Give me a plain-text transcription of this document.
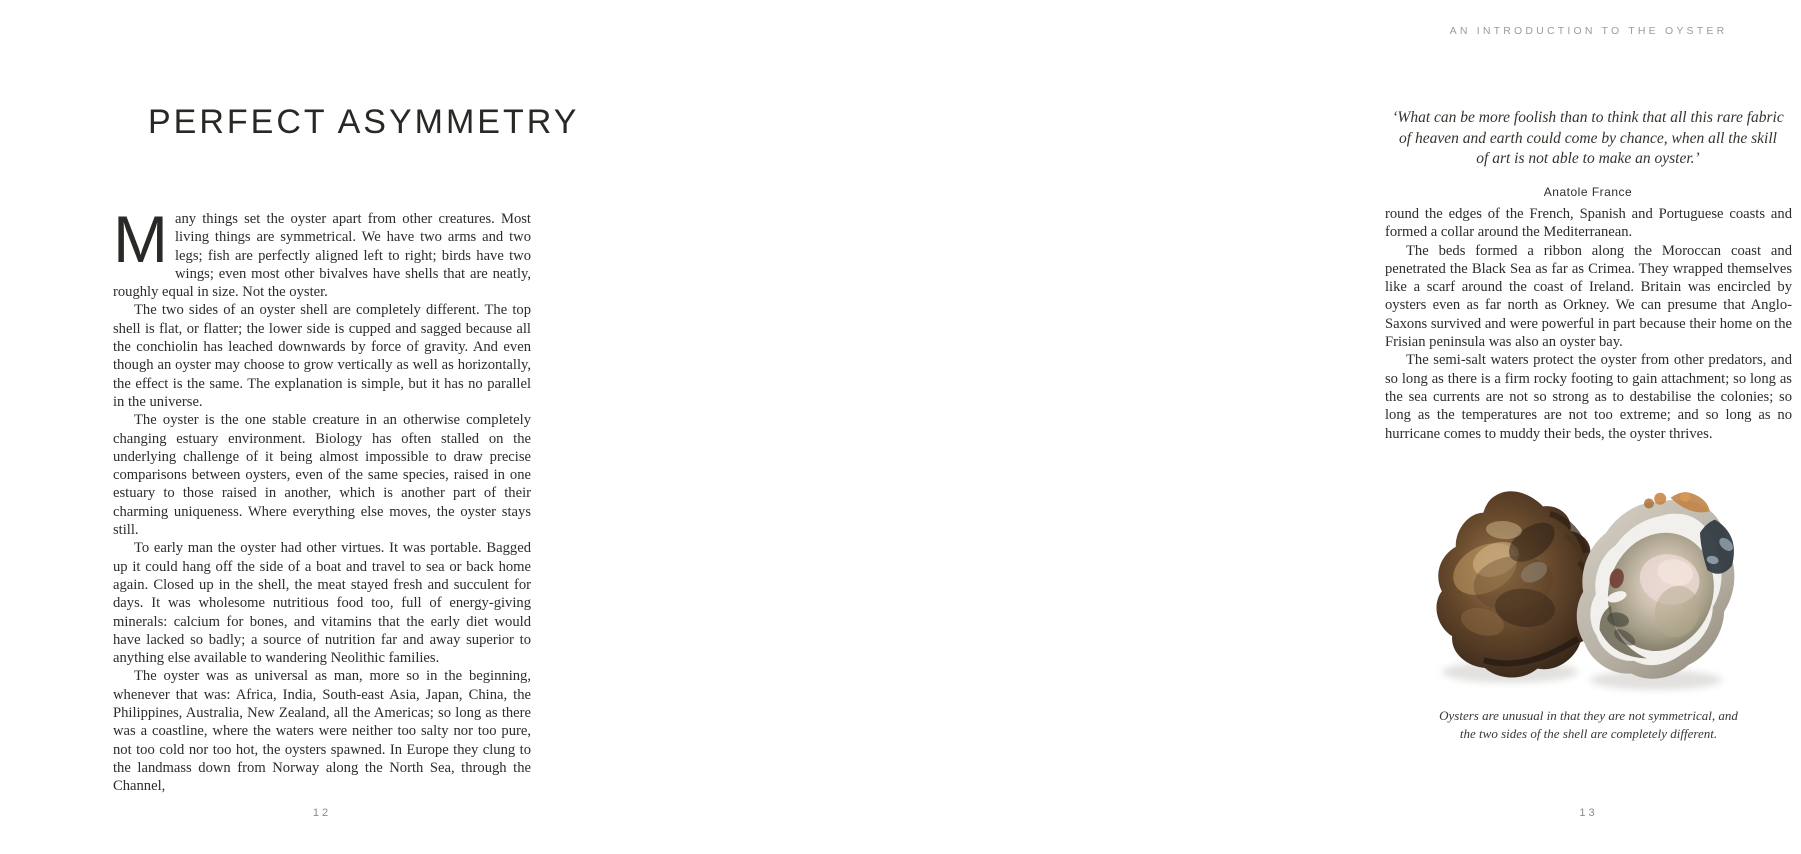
PERFECT ASYMMETRY

Many things set the oyster apart from other creatures. Most living things are symmetrical. We have two arms and two legs; fish are perfectly aligned left to right; birds have two wings; even most other bivalves have shells that are neatly, roughly equal in size. Not the oyster.

The two sides of an oyster shell are completely different. The top shell is flat, or flatter; the lower side is cupped and sagged because all the conchiolin has leached downwards by force of gravity. And even though an oyster may choose to grow vertically as well as horizontally, the effect is the same. The explanation is simple, but it has no parallel in the universe.

The oyster is the one stable creature in an otherwise completely changing estuary environment. Biology has often stalled on the underlying challenge of it being almost impossible to draw precise comparisons between oysters, even of the same species, raised in one estuary to those raised in another, which is another part of their charming uniqueness. Where everything else moves, the oyster stays still.

To early man the oyster had other virtues. It was portable. Bagged up it could hang off the side of a boat and travel to sea or back home again. Closed up in the shell, the meat stayed fresh and succulent for days. It was wholesome nutritious food too, full of energy-giving minerals: calcium for bones, and vitamins that the early diet would have lacked so badly; a source of nutrition far and away superior to anything else available to wandering Neolithic families.

The oyster was as universal as man, more so in the beginning, whenever that was: Africa, India, South-east Asia, Japan, China, the Philippines, Australia, New Zealand, all the Americas; so long as there was a coastline, where the waters were neither too salty nor too pure, not too cold nor too hot, the oysters spawned. In Europe they clung to the landmass down from Norway along the North Sea, through the Channel,

12
AN INTRODUCTION TO THE OYSTER
‘What can be more foolish than to think that all this rare fabric
of heaven and earth could come by chance, when all the skill
of art is not able to make an oyster.’
Anatole France

round the edges of the French, Spanish and Portuguese coasts and formed a collar around the Mediterranean.

The beds formed a ribbon along the Moroccan coast and penetrated the Black Sea as far as Crimea. They wrapped themselves like a scarf around the coast of Ireland. Britain was encircled by oysters even as far north as Orkney. We can presume that Anglo-Saxons survived and were powerful in part because their home on the Frisian peninsula was also an oyster bay.

The semi-salt waters protect the oyster from other predators, and so long as there is a firm rocky footing to gain attachment; so long as the sea currents are not so strong as to destabilise the colonies; so long as the temperatures are not too extreme; and so long as no hurricane comes to muddy their beds, the oyster thrives.

Oysters are unusual in that they are not symmetrical, and
the two sides of the shell are completely different.
13
